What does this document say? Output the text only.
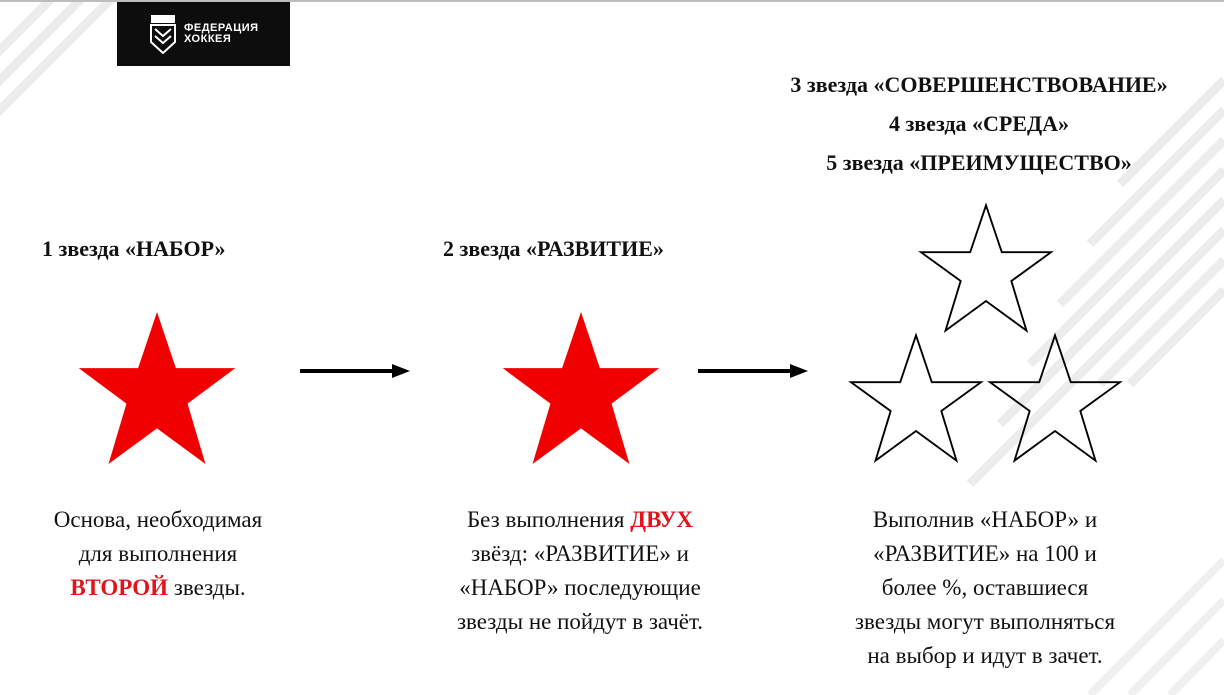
ФЕДЕРАЦИЯ
ХОККЕЯ
1 звезда «НАБОР»
Основа, необходимая
для выполнения
ВТОРОЙ звезды.
2 звезда «РАЗВИТИЕ»
Без выполнения ДВУХ
звёзд: «РАЗВИТИЕ» и
«НАБОР» последующие
звезды не пойдут в зачёт.
3 звезда «СОВЕРШЕНСТВОВАНИЕ»
4 звезда «СРЕДА»
5 звезда «ПРЕИМУЩЕСТВО»
Выполнив «НАБОР» и
«РАЗВИТИЕ» на 100 и
более %, оставшиеся
звезды могут выполняться
на выбор и идут в зачет.
